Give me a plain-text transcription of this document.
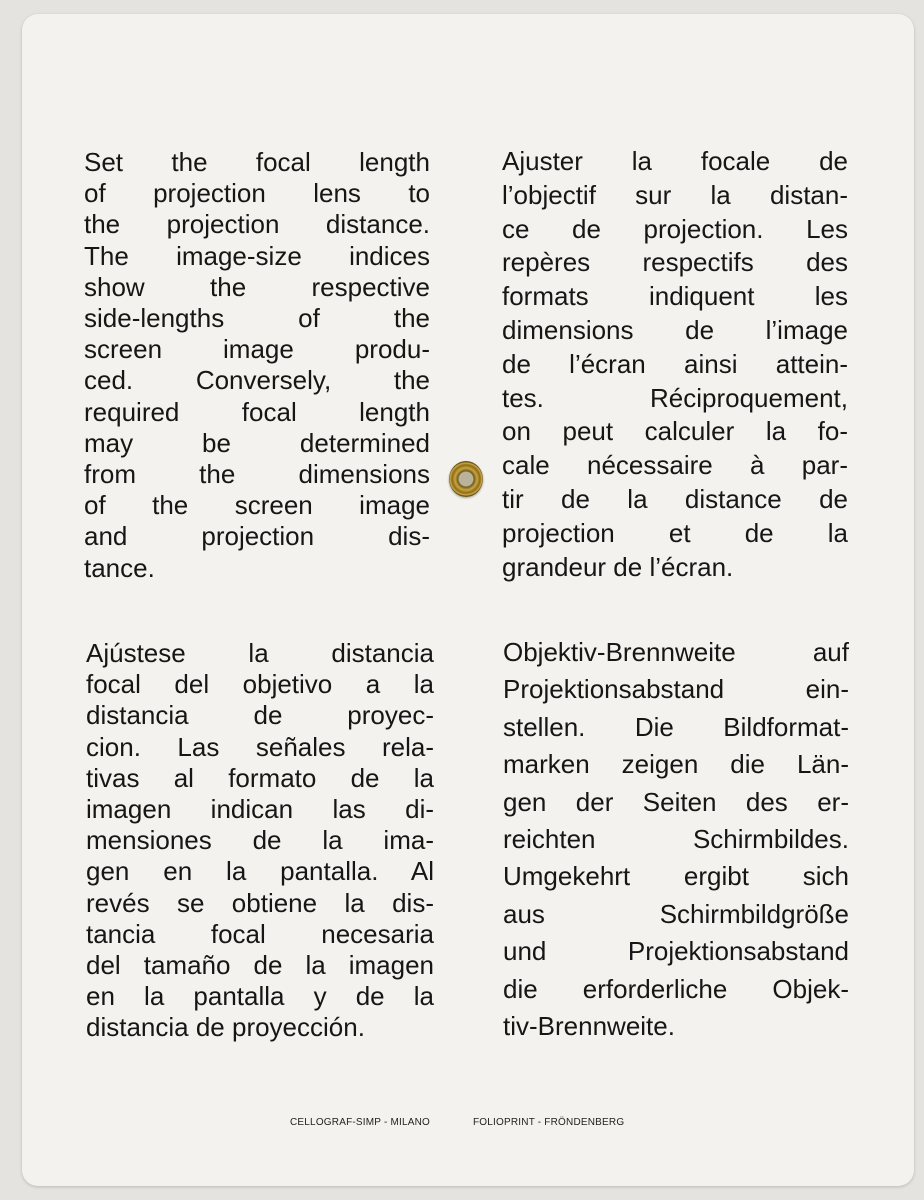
Set the focal length
of projection lens to
the projection distance.
The image-size indices
show the respective
side-lengths of the
screen image produ-
ced. Conversely, the
required focal length
may be determined
from the dimensions
of the screen image
and projection dis-
tance.

Ajuster la focale de
l’objectif sur la distan-
ce de projection. Les
repères respectifs des
formats indiquent les
dimensions de l’image
de l’écran ainsi attein-
tes. Réciproquement,
on peut calculer la fo-
cale nécessaire à par-
tir de la distance de
projection et de la
grandeur de l’écran.

Ajústese la distancia
focal del objetivo a la
distancia de proyec-
cion. Las señales rela-
tivas al formato de la
imagen indican las di-
mensiones de la ima-
gen en la pantalla. Al
revés se obtiene la dis-
tancia focal necesaria
del tamaño de la imagen
en la pantalla y de la
distancia de proyección.

Objektiv-Brennweite auf
Projektionsabstand ein-
stellen. Die Bildformat-
marken zeigen die Län-
gen der Seiten des er-
reichten Schirmbildes.
Umgekehrt ergibt sich
aus Schirmbildgröße
und Projektionsabstand
die erforderliche Objek-
tiv-Brennweite.

CELLOGRAF-SIMP - MILANO	FOLIOPRINT - FRÖNDENBERG
